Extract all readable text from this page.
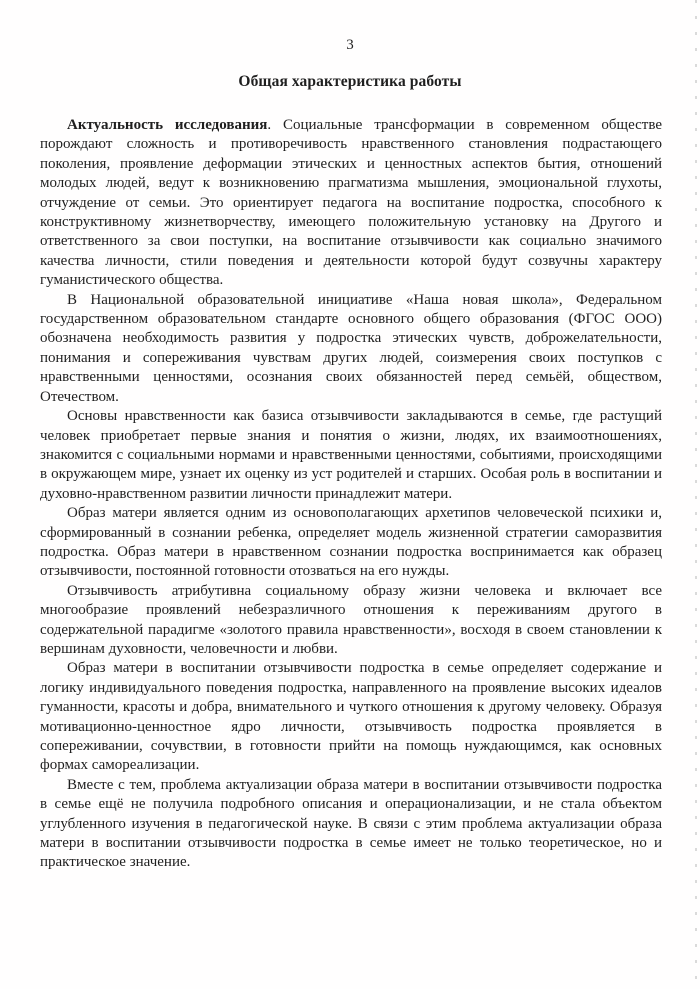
3
Общая характеристика работы

Актуальность исследования. Социальные трансформации в современном обществе порождают сложность и противоречивость нравственного становления подрастающего поколения, проявление деформации этических и ценностных аспектов бытия, отношений молодых людей, ведут к возникновению прагматизма мышления, эмоциональной глухоты, отчуждение от семьи. Это ориентирует педагога на воспитание подростка, способного к конструктивному жизнетворчеству, имеющего положительную установку на Другого и ответственного за свои поступки, на воспитание отзывчивости как социально значимого качества личности, стили поведения и деятельности которой будут созвучны характеру гуманистического общества.

В Национальной образовательной инициативе «Наша новая школа», Федеральном государственном образовательном стандарте основного общего образования (ФГОС ООО) обозначена необходимость развития у подростка этических чувств, доброжелательности, понимания и сопереживания чувствам других людей, соизмерения своих поступков с нравственными ценностями, осознания своих обязанностей перед семьёй, обществом, Отечеством.

Основы нравственности как базиса отзывчивости закладываются в семье, где растущий человек приобретает первые знания и понятия о жизни, людях, их взаимоотношениях, знакомится с социальными нормами и нравственными ценностями, событиями, происходящими в окружающем мире, узнает их оценку из уст родителей и старших. Особая роль в воспитании и духовно-нравственном развитии личности принадлежит матери.

Образ матери является одним из основополагающих архетипов человеческой психики и, сформированный в сознании ребенка, определяет модель жизненной стратегии саморазвития подростка. Образ матери в нравственном сознании подростка воспринимается как образец отзывчивости, постоянной готовности отозваться на его нужды.

Отзывчивость атрибутивна социальному образу жизни человека и включает все многообразие проявлений небезразличного отношения к переживаниям другого в содержательной парадигме «золотого правила нравственности», восходя в своем становлении к вершинам духовности, человечности и любви.

Образ матери в воспитании отзывчивости подростка в семье определяет содержание и логику индивидуального поведения подростка, направленного на проявление высоких идеалов гуманности, красоты и добра, внимательного и чуткого отношения к другому человеку. Образуя мотивационно-ценностное ядро личности, отзывчивость подростка проявляется в сопереживании, сочувствии, в готовности прийти на помощь нуждающимся, как основных формах самореализации.

Вместе с тем, проблема актуализации образа матери в воспитании отзывчивости подростка в семье ещё не получила подробного описания и операционализации, и не стала объектом углубленного изучения в педагогической науке. В связи с этим проблема актуализации образа матери в воспитании отзывчивости подростка в семье имеет не только теоретическое, но и практическое значение.
